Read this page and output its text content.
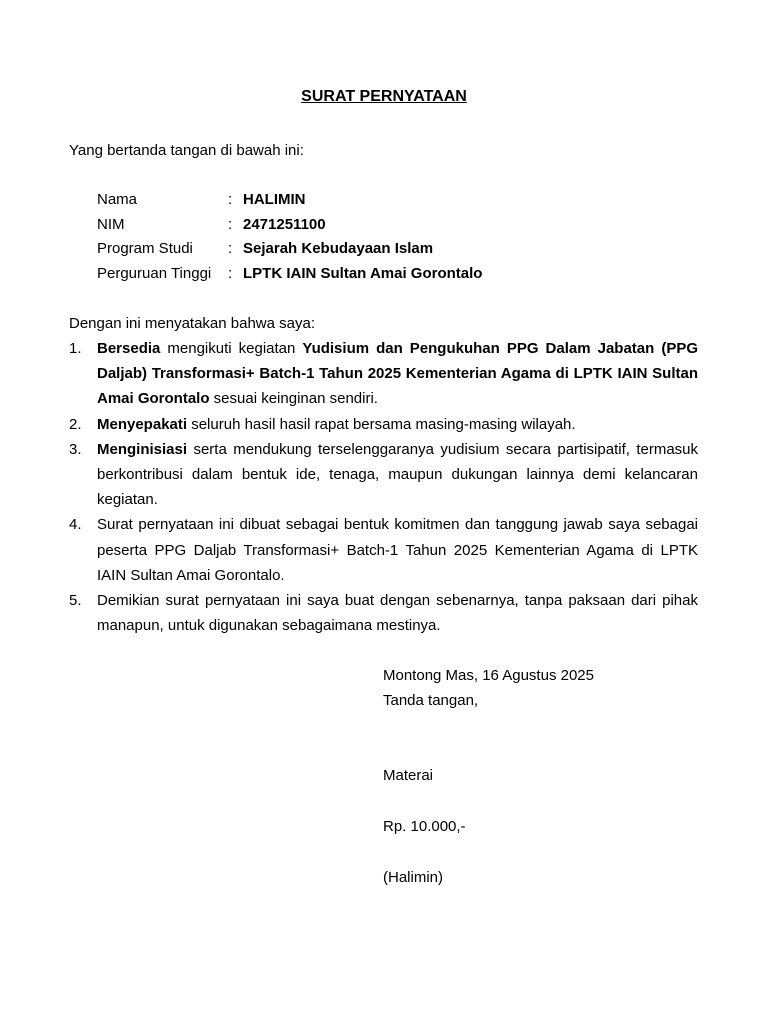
SURAT PERNYATAAN
Yang bertanda tangan di bawah ini:
Nama	: HALIMIN
NIM	: 2471251100
Program Studi	: Sejarah Kebudayaan Islam
Perguruan Tinggi	: LPTK IAIN Sultan Amai Gorontalo
Dengan ini menyatakan bahwa saya:
1.	Bersedia mengikuti kegiatan Yudisium dan Pengukuhan PPG Dalam Jabatan (PPG Daljab) Transformasi+ Batch-1 Tahun 2025 Kementerian Agama di LPTK IAIN Sultan Amai Gorontalo sesuai keinginan sendiri.
2.	Menyepakati seluruh hasil hasil rapat bersama masing-masing wilayah.
3.	Menginisiasi serta mendukung terselenggaranya yudisium secara partisipatif, termasuk berkontribusi dalam bentuk ide, tenaga, maupun dukungan lainnya demi kelancaran kegiatan.
4.	Surat pernyataan ini dibuat sebagai bentuk komitmen dan tanggung jawab saya sebagai peserta PPG Daljab Transformasi+ Batch-1 Tahun 2025 Kementerian Agama di LPTK IAIN Sultan Amai Gorontalo.
5.	Demikian surat pernyataan ini saya buat dengan sebenarnya, tanpa paksaan dari pihak manapun, untuk digunakan sebagaimana mestinya.
Montong Mas, 16 Agustus 2025
Tanda tangan,
Materai
Rp. 10.000,-
(Halimin)
